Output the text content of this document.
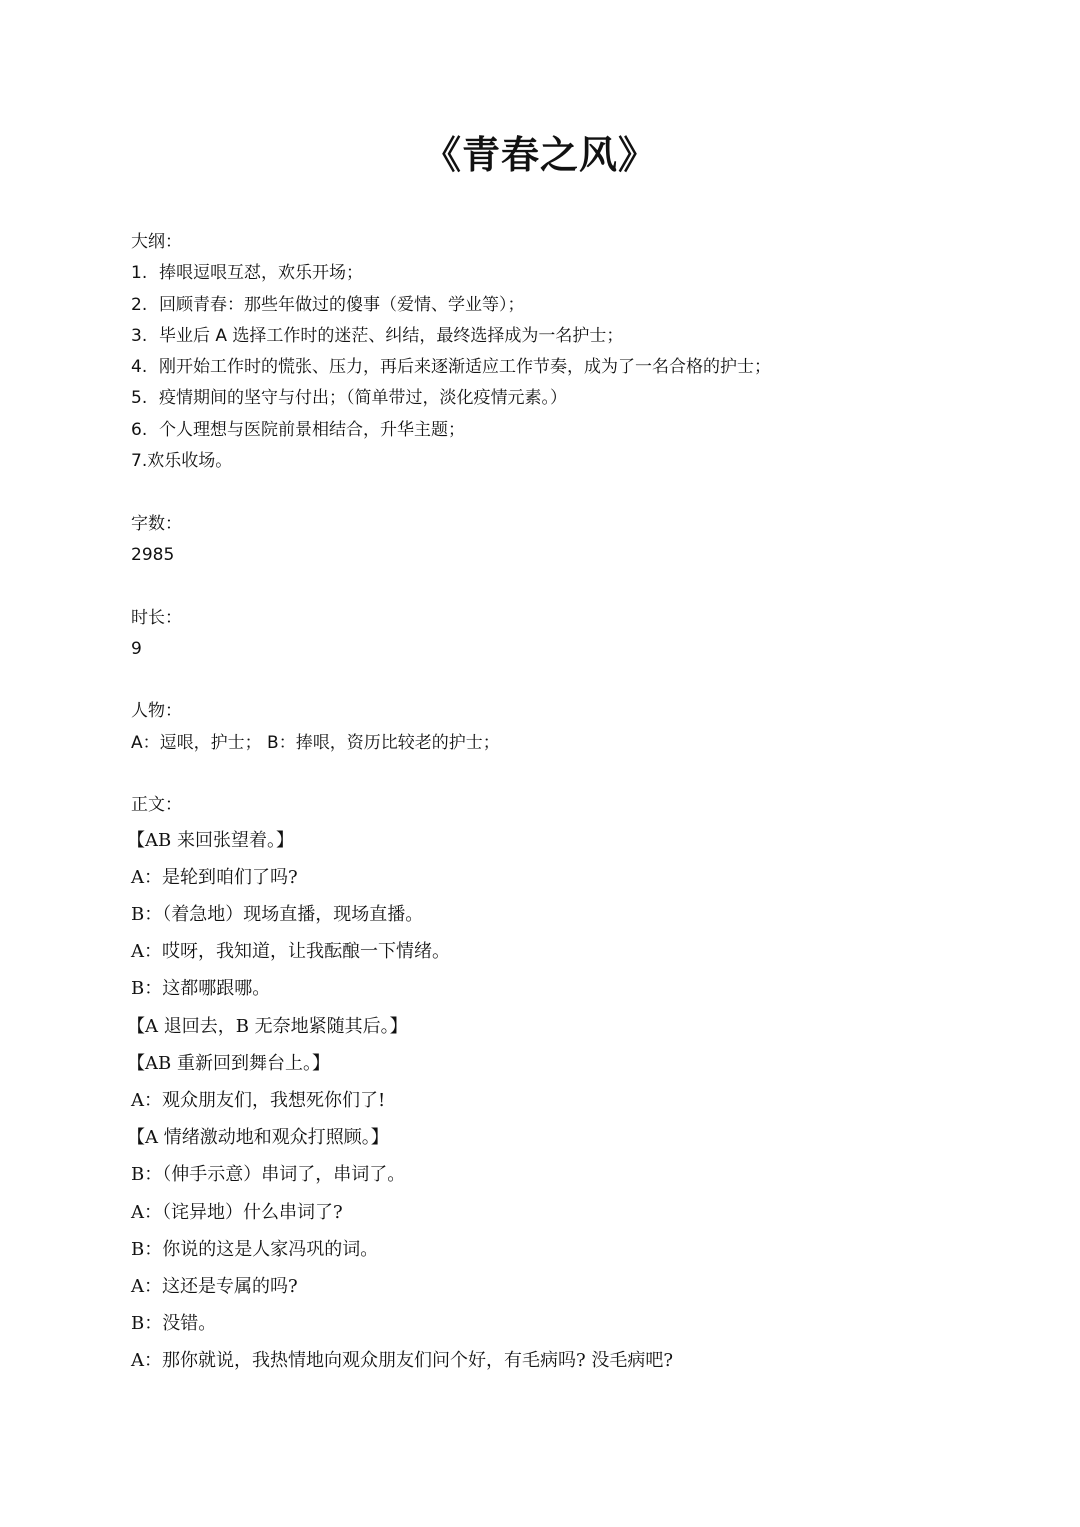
《青春之风》
大纲：
1. 捧哏逗哏互怼，欢乐开场；
2. 回顾青春：那些年做过的傻事（爱情、学业等）；
3. 毕业后 A 选择工作时的迷茫、纠结，最终选择成为一名护士；
4. 刚开始工作时的慌张、压力，再后来逐渐适应工作节奏，成为了一名合格的护士；
5. 疫情期间的坚守与付出；（简单带过，淡化疫情元素。）
6. 个人理想与医院前景相结合，升华主题；
7.欢乐收场。
字数：
2985
时长：
9
人物：
A：逗哏，护士； B：捧哏，资历比较老的护士；
正文：
【AB 来回张望着。】
A：是轮到咱们了吗?
B：（着急地）现场直播，现场直播。
A：哎呀，我知道，让我酝酿一下情绪。
B：这都哪跟哪。
【A 退回去，B 无奈地紧随其后。】
【AB 重新回到舞台上。】
A：观众朋友们，我想死你们了!
【A 情绪激动地和观众打照顾。】
B：（伸手示意）串词了，串词了。
A：（诧异地）什么串词了?
B：你说的这是人家冯巩的词。
A：这还是专属的吗?
B：没错。
A：那你就说，我热情地向观众朋友们问个好，有毛病吗? 没毛病吧?
